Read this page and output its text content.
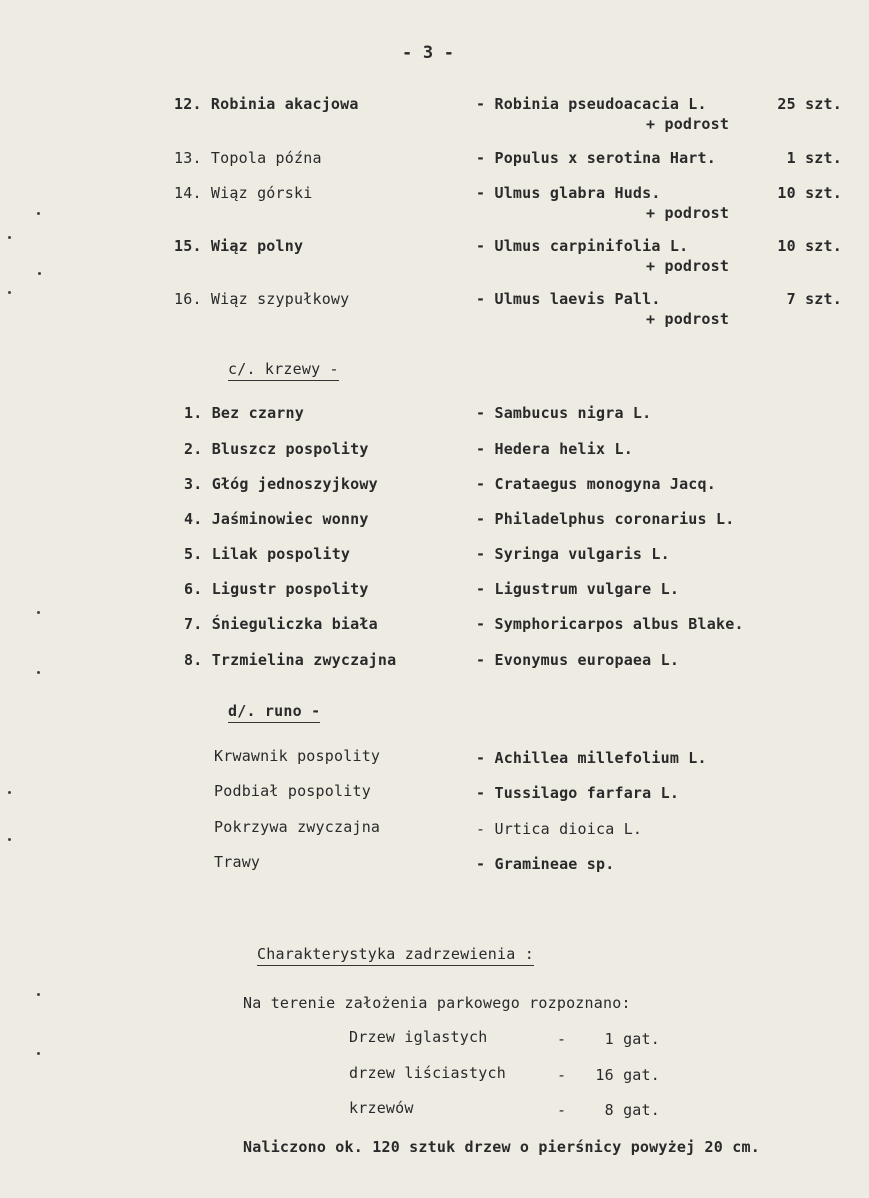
- 3 -
12. Robinia akacjowa	- Robinia pseudoacacia L.	25 szt.
+ podrost
13. Topola późna	- Populus x serotina Hart.	1 szt.
14. Wiąz górski	- Ulmus glabra Huds.	10 szt.
+ podrost
15. Wiąz polny	- Ulmus carpinifolia L.	10 szt.
+ podrost
16. Wiąz szypułkowy	- Ulmus laevis Pall.	7 szt.
+ podrost
c/. krzewy -
1. Bez czarny	- Sambucus nigra L.
2. Bluszcz pospolity	- Hedera helix L.
3. Głóg jednoszyjkowy	- Crataegus monogyna Jacq.
4. Jaśminowiec wonny	- Philadelphus coronarius L.
5. Lilak pospolity	- Syringa vulgaris L.
6. Ligustr pospolity	- Ligustrum vulgare L.
7. Śnieguliczka biała	- Symphoricarpos albus Blake.
8. Trzmielina zwyczajna	- Evonymus europaea L.
d/. runo -
Krwawnik pospolity	- Achillea millefolium L.
Podbiał pospolity	- Tussilago farfara L.
Pokrzywa zwyczajna	- Urtica dioica L.
Trawy	- Gramineae sp.
Charakterystyka zadrzewienia :
Na terenie założenia parkowego rozpoznano:
Drzew iglastych	-	1 gat.
drzew liściastych	-	16 gat.
krzewów	-	8 gat.
Naliczono ok. 120 sztuk drzew o pierśnicy powyżej 20 cm.
